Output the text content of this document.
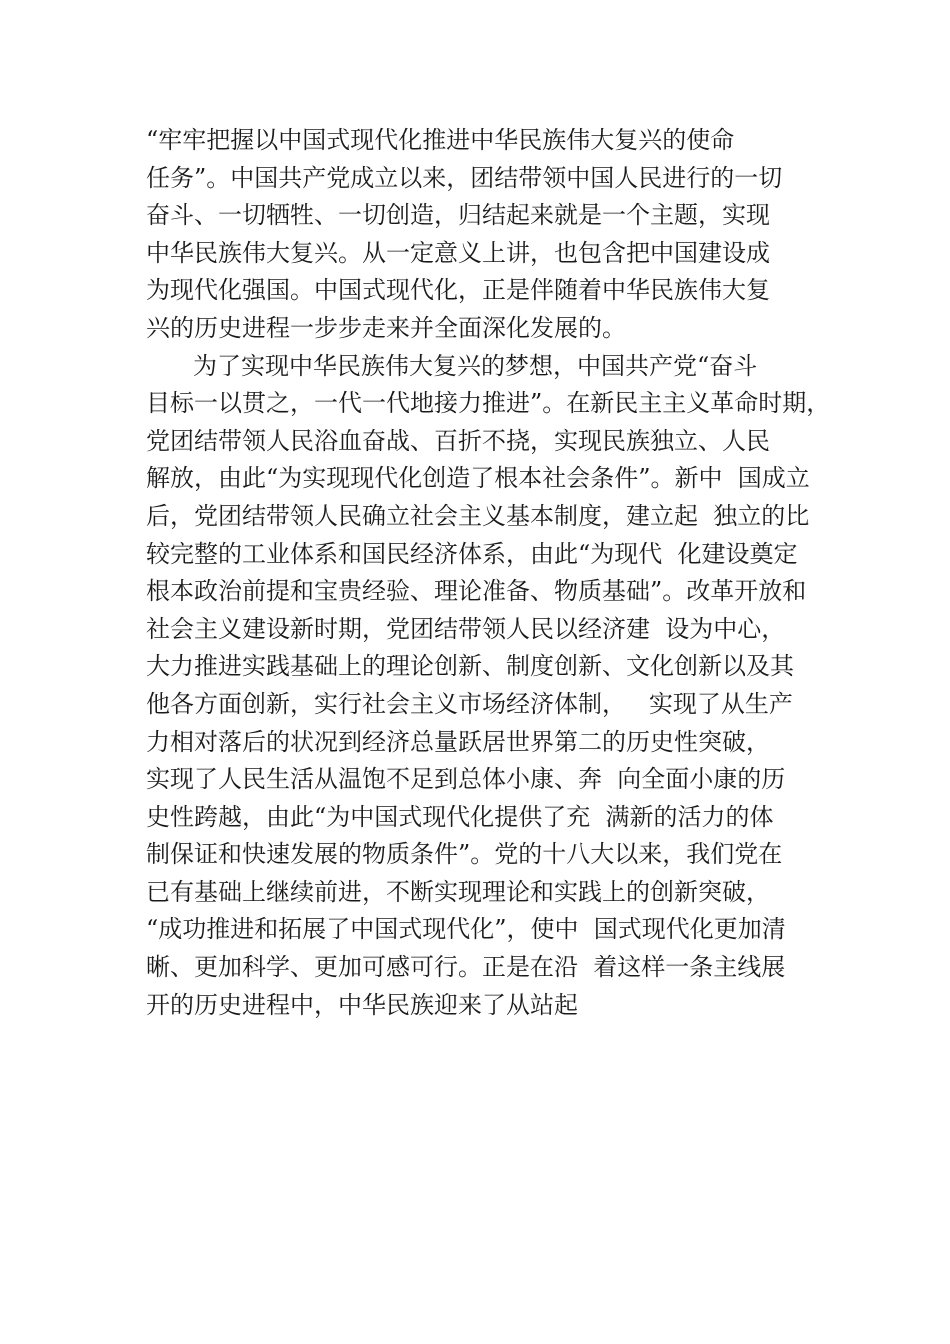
“牢牢把握以中国式现代化推进中华民族伟大复兴的使命
任务”。中国共产党成立以来，团结带领中国人民进行的一切
奋斗、一切牺牲、一切创造，归结起来就是一个主题，实现
中华民族伟大复兴。从一定意义上讲，也包含把中国建设成
为现代化强国。中国式现代化，正是伴随着中华民族伟大复
兴的历史进程一步步走来并全面深化发展的。
为了实现中华民族伟大复兴的梦想，中国共产党“奋斗
目标一以贯之，一代一代地接力推进”。在新民主主义革命时期，
党团结带领人民浴血奋战、百折不挠，实现民族独立、人民
解放，由此“为实现现代化创造了根本社会条件”。新中  国成立
后，党团结带领人民确立社会主义基本制度，建立起  独立的比
较完整的工业体系和国民经济体系，由此“为现代  化建设奠定
根本政治前提和宝贵经验、理论准备、物质基础”。改革开放和
社会主义建设新时期，党团结带领人民以经济建  设为中心，
大力推进实践基础上的理论创新、制度创新、文化创新以及其
他各方面创新，实行社会主义市场经济体制，   实现了从生产
力相对落后的状况到经济总量跃居世界第二的历史性突破，
实现了人民生活从温饱不足到总体小康、奔  向全面小康的历
史性跨越，由此“为中国式现代化提供了充  满新的活力的体
制保证和快速发展的物质条件”。党的十八大以来，我们党在
已有基础上继续前进，不断实现理论和实践上的创新突破，
“成功推进和拓展了中国式现代化”，使中  国式现代化更加清
晰、更加科学、更加可感可行。正是在沿  着这样一条主线展
开的历史进程中，中华民族迎来了从站起
